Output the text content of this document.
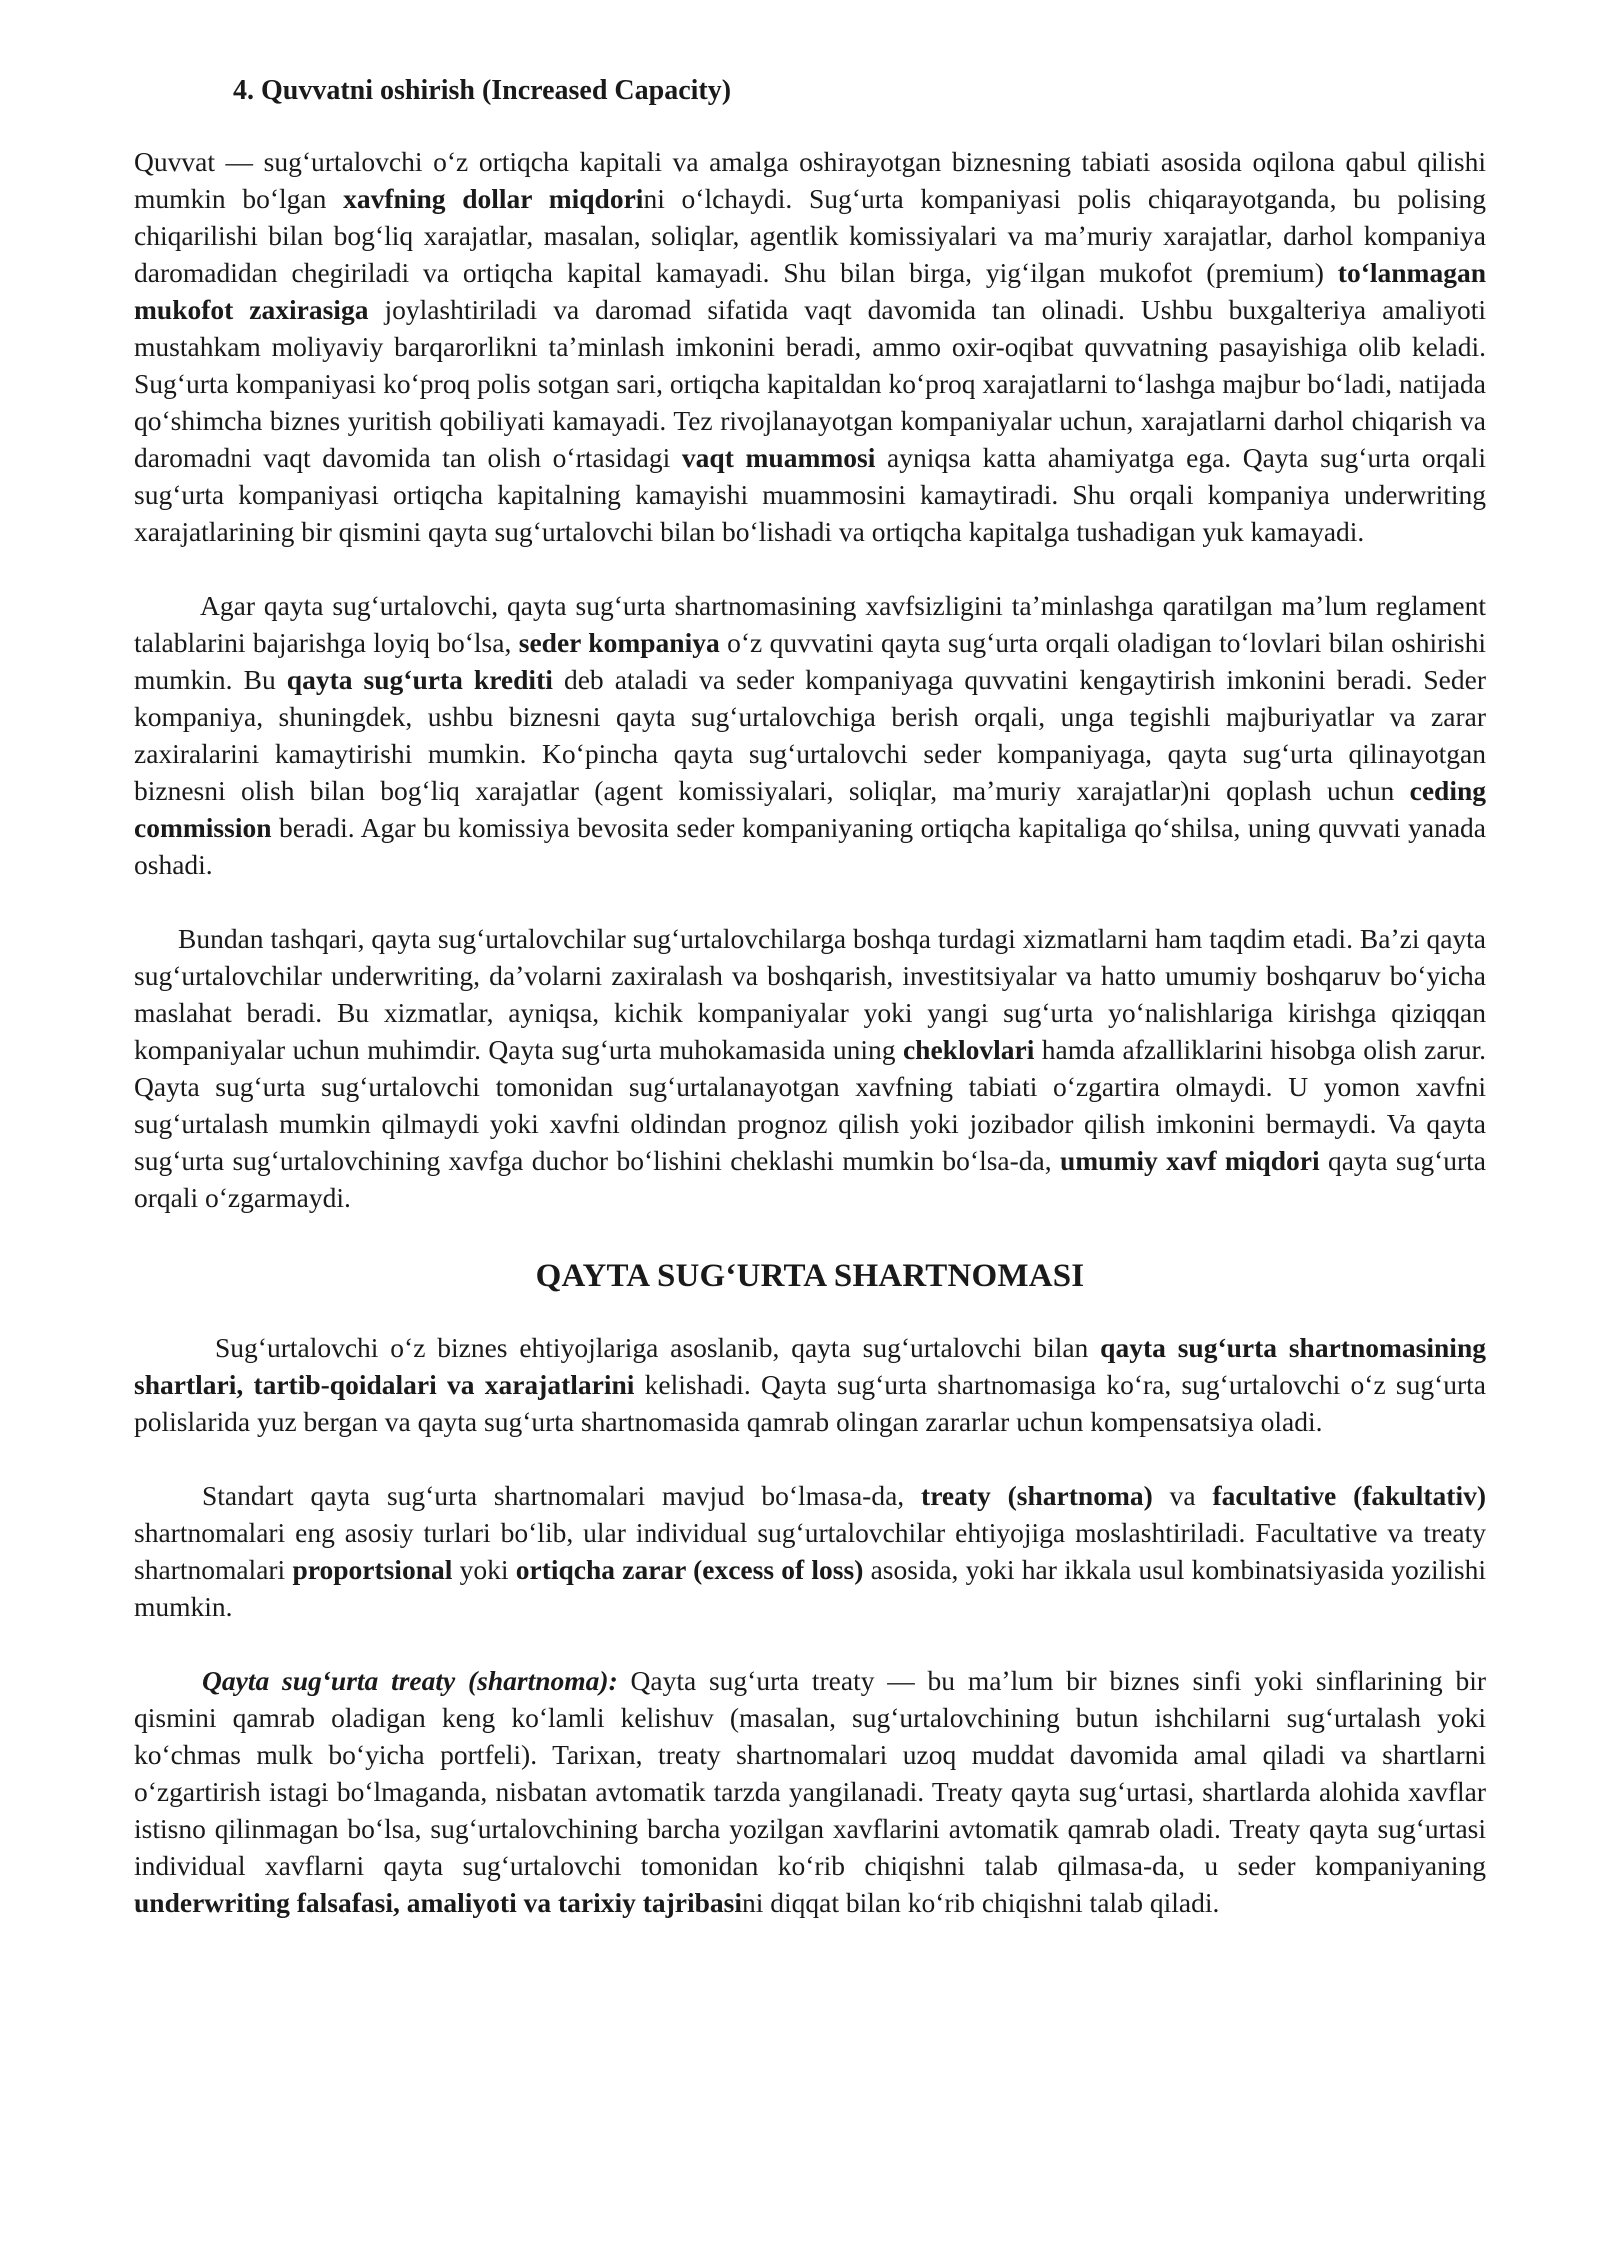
4. Quvvatni oshirish (Increased Capacity)

Quvvat — sugʻurtalovchi oʻz ortiqcha kapitali va amalga oshirayotgan biznesning tabiati asosida oqilona qabul qilishi mumkin boʻlgan xavfning dollar miqdorini oʻlchaydi. Sugʻurta kompaniyasi polis chiqarayotganda, bu polising chiqarilishi bilan bogʻliq xarajatlar, masalan, soliqlar, agentlik komissiyalari va maʼmuriy xarajatlar, darhol kompaniya daromadidan chegiriladi va ortiqcha kapital kamayadi. Shu bilan birga, yigʻilgan mukofot (premium) toʻlanmagan mukofot zaxirasiga joylashtiriladi va daromad sifatida vaqt davomida tan olinadi. Ushbu buxgalteriya amaliyoti mustahkam moliyaviy barqarorlikni taʼminlash imkonini beradi, ammo oxir-oqibat quvvatning pasayishiga olib keladi. Sugʻurta kompaniyasi koʻproq polis sotgan sari, ortiqcha kapitaldan koʻproq xarajatlarni toʻlashga majbur boʻladi, natijada qoʻshimcha biznes yuritish qobiliyati kamayadi. Tez rivojlanayotgan kompaniyalar uchun, xarajatlarni darhol chiqarish va daromadni vaqt davomida tan olish oʻrtasidagi vaqt muammosi ayniqsa katta ahamiyatga ega. Qayta sugʻurta orqali sugʻurta kompaniyasi ortiqcha kapitalning kamayishi muammosini kamaytiradi. Shu orqali kompaniya underwriting xarajatlarining bir qismini qayta sugʻurtalovchi bilan boʻlishadi va ortiqcha kapitalga tushadigan yuk kamayadi.

Agar qayta sugʻurtalovchi, qayta sugʻurta shartnomasining xavfsizligini taʼminlashga qaratilgan maʼlum reglament talablarini bajarishga loyiq boʻlsa, seder kompaniya oʻz quvvatini qayta sugʻurta orqali oladigan toʻlovlari bilan oshirishi mumkin. Bu qayta sugʻurta krediti deb ataladi va seder kompaniyaga quvvatini kengaytirish imkonini beradi. Seder kompaniya, shuningdek, ushbu biznesni qayta sugʻurtalovchiga berish orqali, unga tegishli majburiyatlar va zarar zaxiralarini kamaytirishi mumkin. Koʻpincha qayta sugʻurtalovchi seder kompaniyaga, qayta sugʻurta qilinayotgan biznesni olish bilan bogʻliq xarajatlar (agent komissiyalari, soliqlar, maʼmuriy xarajatlar)ni qoplash uchun ceding commission beradi. Agar bu komissiya bevosita seder kompaniyaning ortiqcha kapitaliga qoʻshilsa, uning quvvati yanada oshadi.

Bundan tashqari, qayta sugʻurtalovchilar sugʻurtalovchilarga boshqa turdagi xizmatlarni ham taqdim etadi. Baʼzi qayta sugʻurtalovchilar underwriting, daʼvolarni zaxiralash va boshqarish, investitsiyalar va hatto umumiy boshqaruv boʻyicha maslahat beradi. Bu xizmatlar, ayniqsa, kichik kompaniyalar yoki yangi sugʻurta yoʻnalishlariga kirishga qiziqqan kompaniyalar uchun muhimdir. Qayta sugʻurta muhokamasida uning cheklovlari hamda afzalliklarini hisobga olish zarur. Qayta sugʻurta sugʻurtalovchi tomonidan sugʻurtalanayotgan xavfning tabiati oʻzgartira olmaydi. U yomon xavfni sugʻurtalash mumkin qilmaydi yoki xavfni oldindan prognoz qilish yoki jozibador qilish imkonini bermaydi. Va qayta sugʻurta sugʻurtalovchining xavfga duchor boʻlishini cheklashi mumkin boʻlsa-da, umumiy xavf miqdori qayta sugʻurta orqali oʻzgarmaydi.

QAYTA SUGʻURTA SHARTNOMASI

Sugʻurtalovchi oʻz biznes ehtiyojlariga asoslanib, qayta sugʻurtalovchi bilan qayta sugʻurta shartnomasining shartlari, tartib-qoidalari va xarajatlarini kelishadi. Qayta sugʻurta shartnomasiga koʻra, sugʻurtalovchi oʻz sugʻurta polislarida yuz bergan va qayta sugʻurta shartnomasida qamrab olingan zararlar uchun kompensatsiya oladi.

Standart qayta sugʻurta shartnomalari mavjud boʻlmasa-da, treaty (shartnoma) va facultative (fakultativ) shartnomalari eng asosiy turlari boʻlib, ular individual sugʻurtalovchilar ehtiyojiga moslashtiriladi. Facultative va treaty shartnomalari proportsional yoki ortiqcha zarar (excess of loss) asosida, yoki har ikkala usul kombinatsiyasida yozilishi mumkin.

Qayta sugʻurta treaty (shartnoma): Qayta sugʻurta treaty — bu maʼlum bir biznes sinfi yoki sinflarining bir qismini qamrab oladigan keng koʻlamli kelishuv (masalan, sugʻurtalovchining butun ishchilarni sugʻurtalash yoki koʻchmas mulk boʻyicha portfeli). Tarixan, treaty shartnomalari uzoq muddat davomida amal qiladi va shartlarni oʻzgartirish istagi boʻlmaganda, nisbatan avtomatik tarzda yangilanadi. Treaty qayta sugʻurtasi, shartlarda alohida xavflar istisno qilinmagan boʻlsa, sugʻurtalovchining barcha yozilgan xavflarini avtomatik qamrab oladi. Treaty qayta sugʻurtasi individual xavflarni qayta sugʻurtalovchi tomonidan koʻrib chiqishni talab qilmasa-da, u seder kompaniyaning underwriting falsafasi, amaliyoti va tarixiy tajribasini diqqat bilan koʻrib chiqishni talab qiladi.
